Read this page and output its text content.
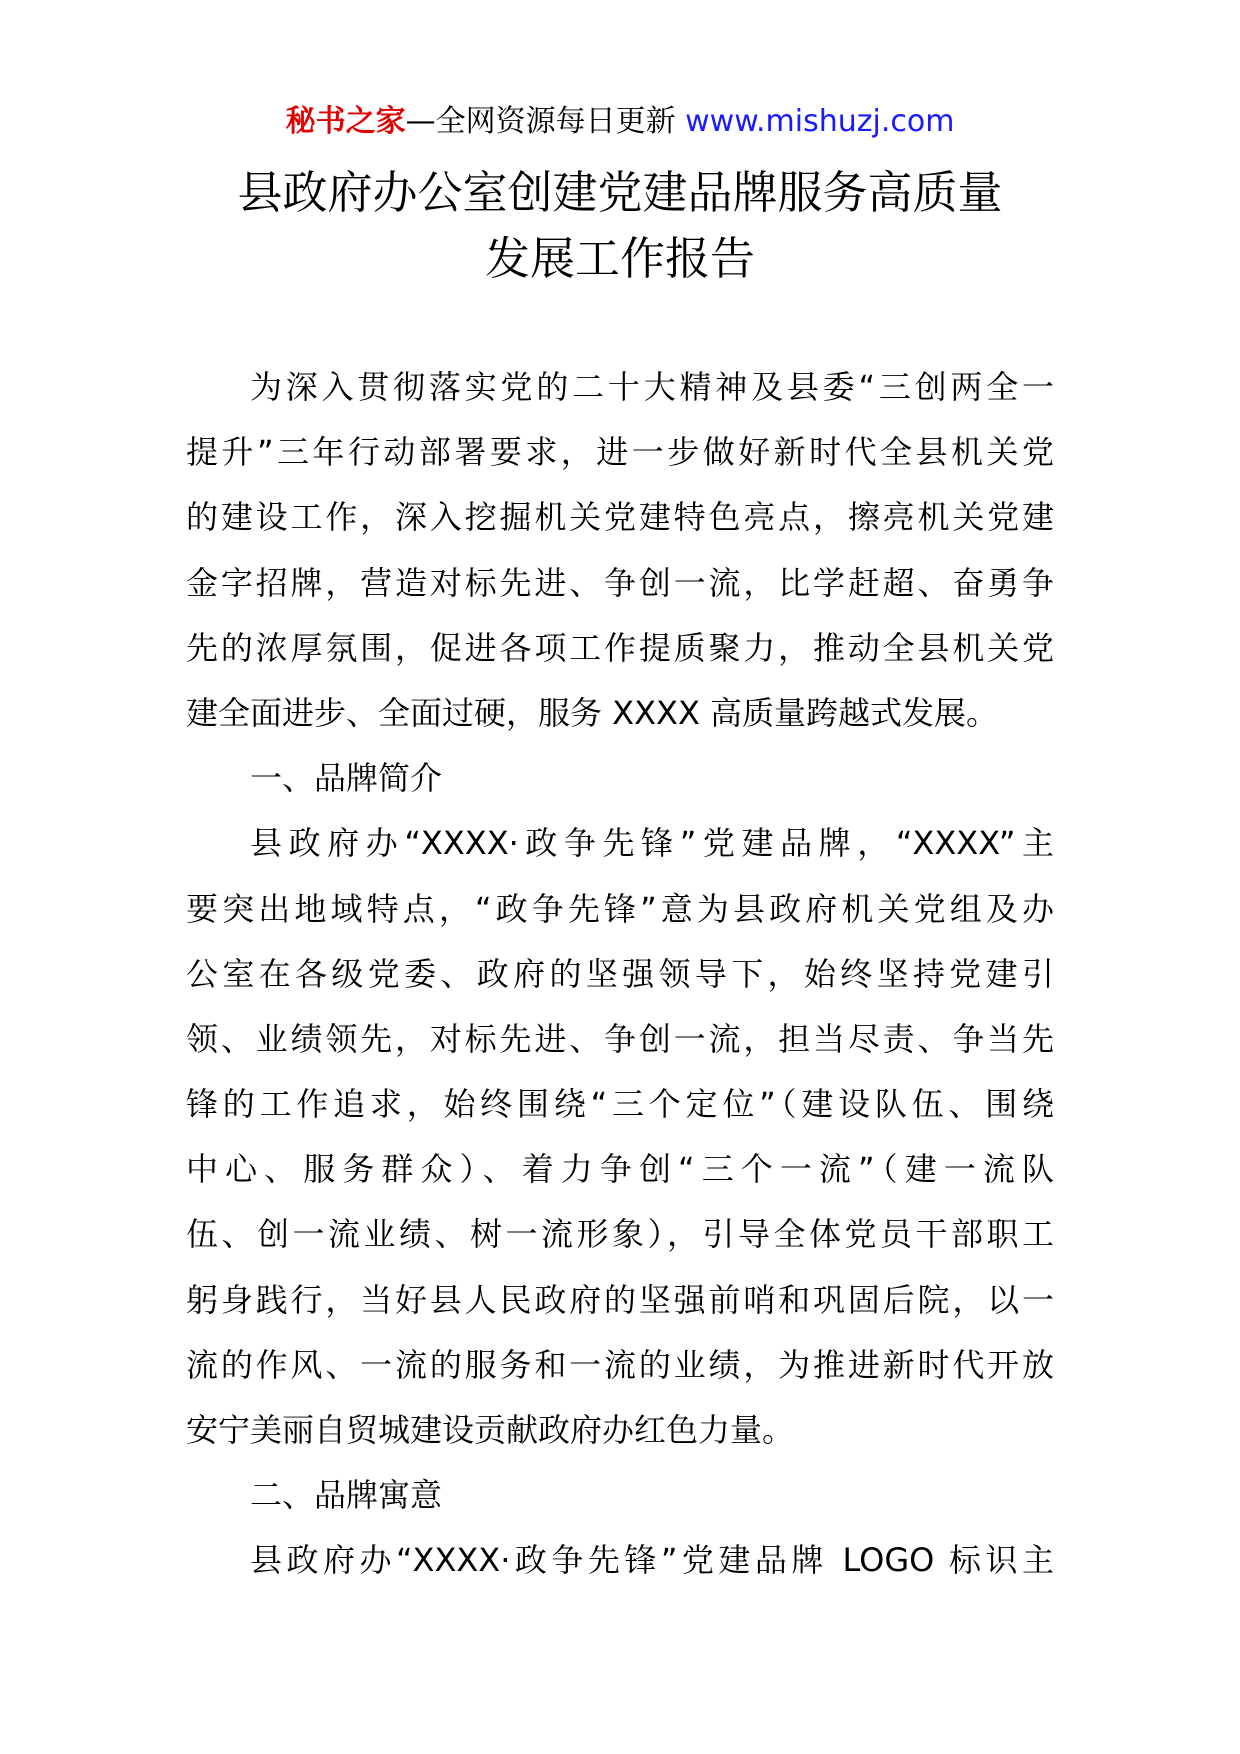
秘书之家—全网资源每日更新 www.mishuzj.com
县政府办公室创建党建品牌服务高质量
发展工作报告
为深入贯彻落实党的二十大精神及县委“三创两全一
提升”三年行动部署要求，进一步做好新时代全县机关党
的建设工作，深入挖掘机关党建特色亮点，擦亮机关党建
金字招牌，营造对标先进、争创一流，比学赶超、奋勇争
先的浓厚氛围，促进各项工作提质聚力，推动全县机关党
建全面进步、全面过硬，服务 XXXX 高质量跨越式发展。
一、品牌简介
县政府办“XXXX·政争先锋”党建品牌，“XXXX”主
要突出地域特点，“政争先锋”意为县政府机关党组及办
公室在各级党委、政府的坚强领导下，始终坚持党建引
领、业绩领先，对标先进、争创一流，担当尽责、争当先
锋的工作追求，始终围绕“三个定位”（建设队伍、围绕
中心、服务群众）、着力争创“三个一流”（建一流队
伍、创一流业绩、树一流形象），引导全体党员干部职工
躬身践行，当好县人民政府的坚强前哨和巩固后院，以一
流的作风、一流的服务和一流的业绩，为推进新时代开放
安宁美丽自贸城建设贡献政府办红色力量。
二、品牌寓意
县政府办“XXXX·政争先锋”党建品牌 LOGO 标识主
